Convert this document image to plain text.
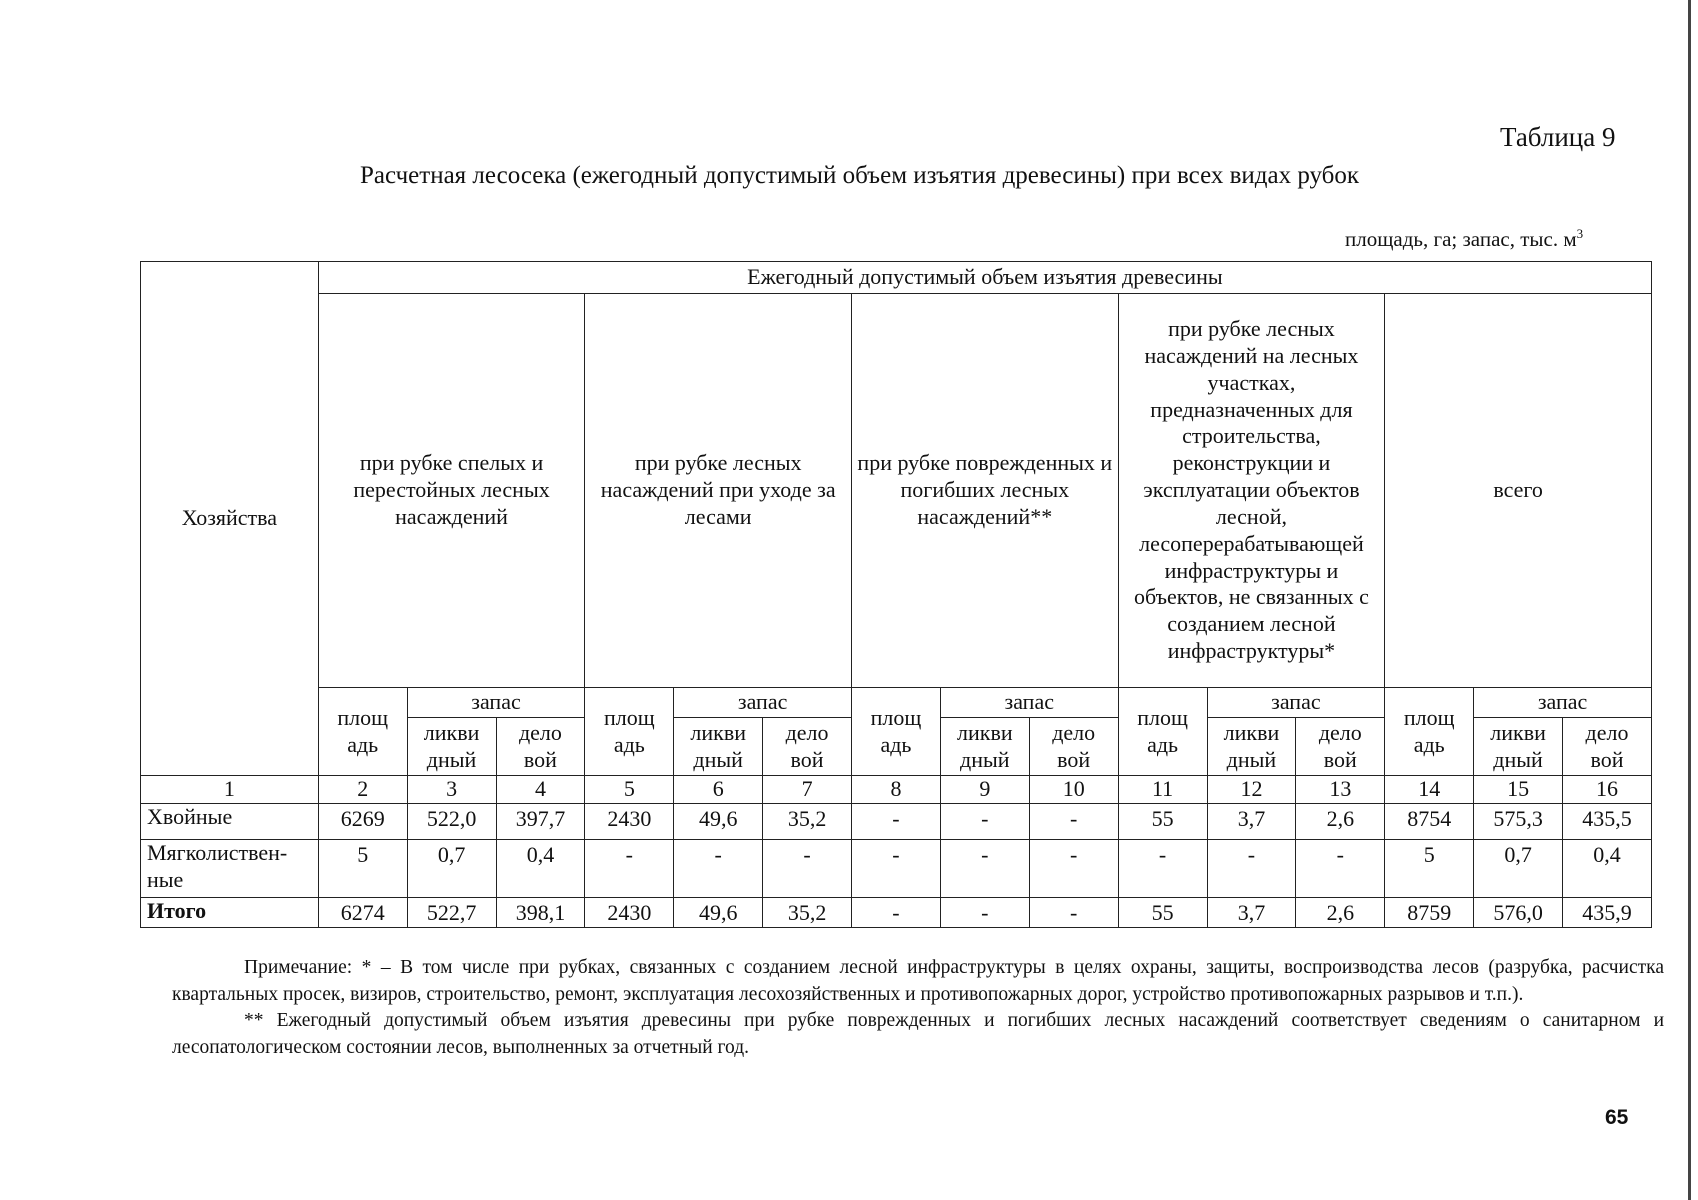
Таблица 9
Расчетная лесосека (ежегодный допустимый объем изъятия древесины) при всех видах рубок
площадь, га; запас, тыс. $м^3$
Хозяйства	Ежегодный допустимый объем изъятия древесины														
	при рубке спелых и перестойных лесных насаждений			при рубке лесных насаждений при уходе за лесами			при рубке поврежденных и погибших лесных насаждений**			при рубке лесных насаждений на лесных участках, предназначенных для строительства, реконструкции и эксплуатации объектов лесной, лесоперерабатывающей инфраструктуры и объектов, не связанных с созданием лесной инфраструктуры*			всего		
	площ адь	запас		площ адь	запас		площ адь	запас		площ адь	запас		площ адь	запас	
		ликви дный	дело вой		ликви дный	дело вой		ликви дный	дело вой		ликви дный	дело вой		ликви дный	дело вой
1	2	3	4	5	6	7	8	9	10	11	12	13	14	15	16
Хвойные	6269	522,0	397,7	2430	49,6	35,2	-	-	-	55	3,7	2,6	8754	575,3	435,5
Мягколиствен- ные	5	0,7	0,4	-	-	-	-	-	-	-	-	-	5	0,7	0,4
Итого	6274	522,7	398,1	2430	49,6	35,2	-	-	-	55	3,7	2,6	8759	576,0	435,9

Примечание: * – В том числе при рубках, связанных с созданием лесной инфраструктуры в целях охраны, защиты, воспроизводства лесов (разрубка, расчистка квартальных просек, визиров, строительство, ремонт, эксплуатация лесохозяйственных и противопожарных дорог, устройство противопожарных разрывов и т.п.).

** Ежегодный допустимый объем изъятия древесины при рубке поврежденных и погибших лесных насаждений соответствует сведениям о санитарном и лесопатологическом состоянии лесов, выполненных за отчетный год.

65
